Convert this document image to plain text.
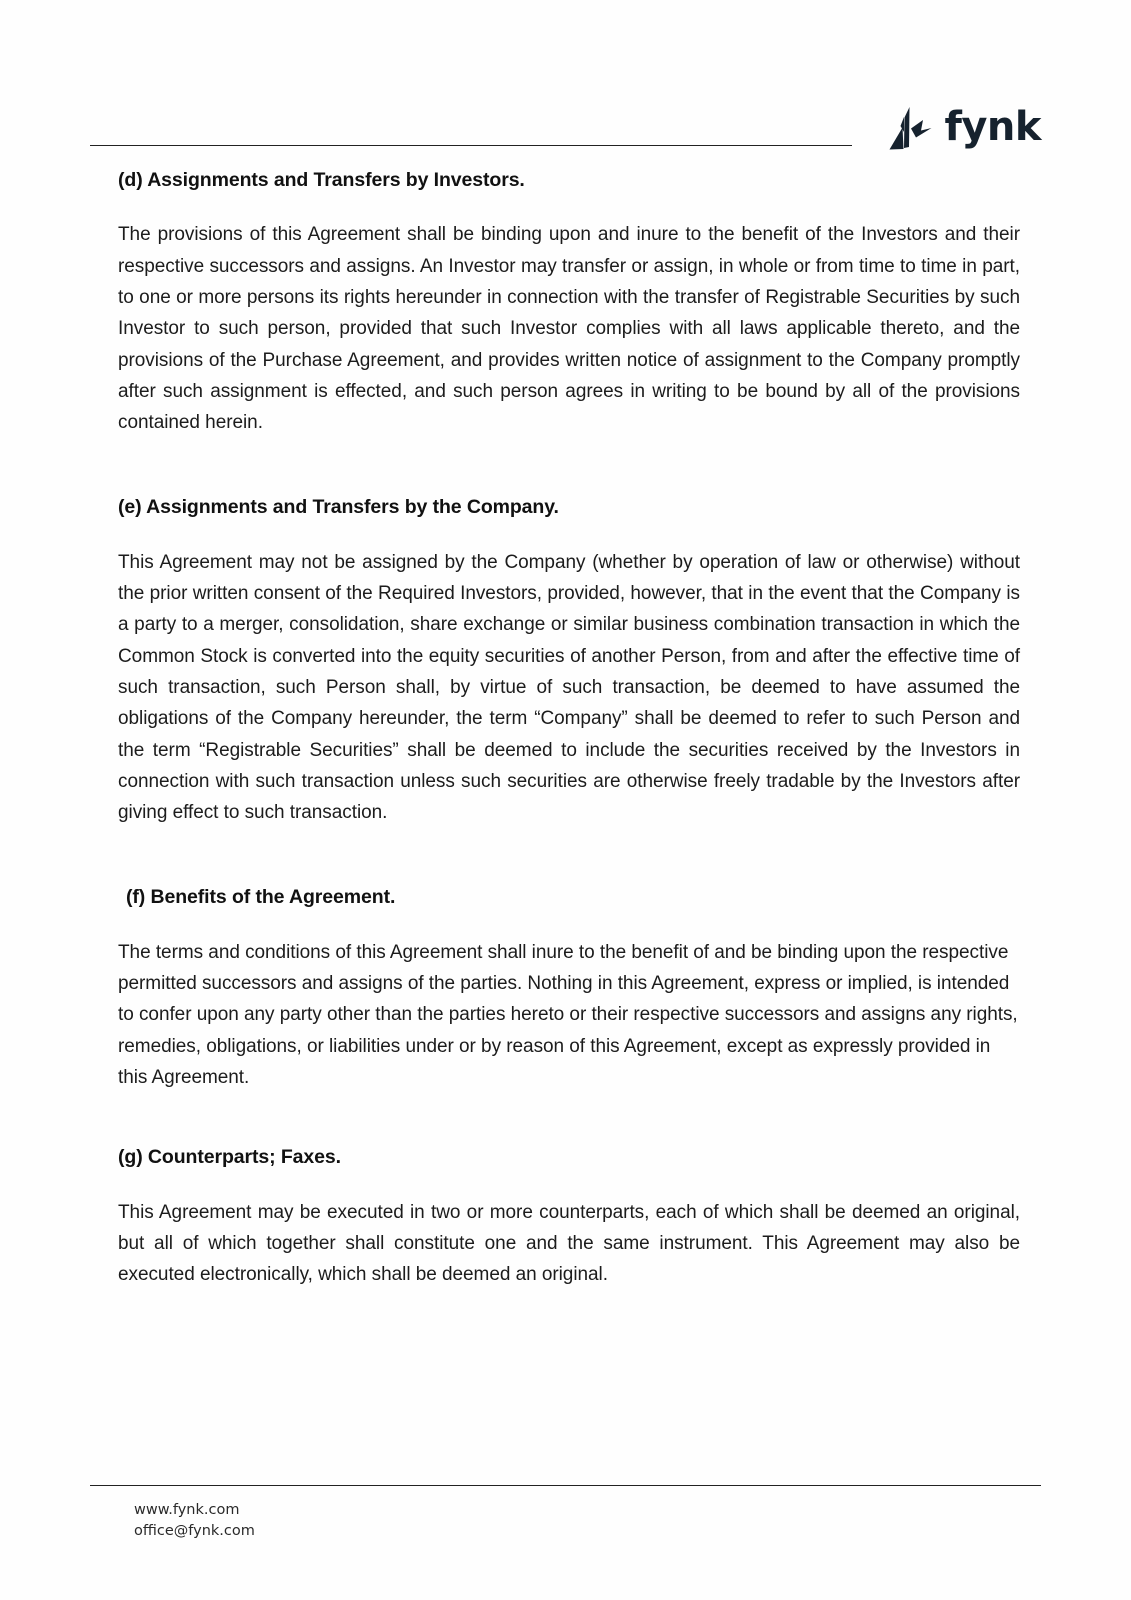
fynk
(d) Assignments and Transfers by Investors.

The provisions of this Agreement shall be binding upon and inure to the benefit of the Investors and their respective successors and assigns. An Investor may transfer or assign, in whole or from time to time in part, to one or more persons its rights hereunder in connection with the transfer of Registrable Securities by such Investor to such person, provided that such Investor complies with all laws applicable thereto, and the provisions of the Purchase Agreement, and provides written notice of assignment to the Company promptly after such assignment is effected, and such person agrees in writing to be bound by all of the provisions contained herein.

(e) Assignments and Transfers by the Company.

This Agreement may not be assigned by the Company (whether by operation of law or otherwise) without the prior written consent of the Required Investors, provided, however, that in the event that the Company is a party to a merger, consolidation, share exchange or similar business combination transaction in which the Common Stock is converted into the equity securities of another Person, from and after the effective time of such transaction, such Person shall, by virtue of such transaction, be deemed to have assumed the obligations of the Company hereunder, the term “Company” shall be deemed to refer to such Person and the term “Registrable Securities” shall be deemed to include the securities received by the Investors in connection with such transaction unless such securities are otherwise freely tradable by the Investors after giving effect to such transaction.

(f) Benefits of the Agreement.

The terms and conditions of this Agreement shall inure to the benefit of and be binding upon the respective permitted successors and assigns of the parties. Nothing in this Agreement, express or implied, is intended to confer upon any party other than the parties hereto or their respective successors and assigns any rights, remedies, obligations, or liabilities under or by reason of this Agreement, except as expressly provided in this Agreement.

(g) Counterparts; Faxes.

This Agreement may be executed in two or more counterparts, each of which shall be deemed an original, but all of which together shall constitute one and the same instrument. This Agreement may also be executed electronically, which shall be deemed an original.

www.fynk.com
office@fynk.com
